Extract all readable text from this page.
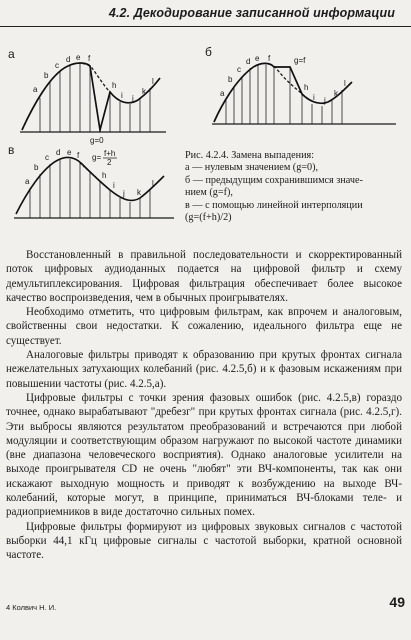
4.2. Декодирование записанной информации
а
a
b
c
d e f
h
i j
k
l
g=0
б
a
b
c
d e f
h
i j
k
l
g=f
в
a
b
c
d e f
h
i
j k
l
g= f+h
2
Рис. 4.2.4. Замена выпадения:
а — нулевым значением (g=0),
б — предыдущим сохранившимся значе-
нием (g=f),
в — с помощью линейной интерполяции
(g=(f+h)/2)

Восстановленный в правильной последовательности и скорректированный поток цифровых аудиоданных подается на цифровой фильтр и схему демультиплексирования. Цифровая фильтрация обеспечивает более высокое качество воспроизведения, чем в обычных проигрывателях.

Необходимо отметить, что цифровым фильтрам, как впрочем и аналоговым, свойственны свои недостатки. К сожалению, идеального фильтра еще не существует.

Аналоговые фильтры приводят к образованию при крутых фронтах сигнала нежелательных затухающих колебаний (рис. 4.2.5,б) и к фазовым искажениям при повышении частоты (рис. 4.2.5,а).

Цифровые фильтры с точки зрения фазовых ошибок (рис. 4.2.5,в) гораздо точнее, однако вырабатывают "дребезг" при крутых фронтах сигнала (рис. 4.2.5,г). Эти выбросы являются результатом преобразований и встречаются при любой модуляции и соответствующим образом нагружают по высокой частоте динамики (вне диапазона человеческого восприятия). Однако аналоговые усилители на выходе проигрывателя CD не очень "любят" эти ВЧ-компоненты, так как они искажают выходную мощность и приводят к возбуждению на выходе ВЧ-колебаний, которые могут, в принципе, приниматься ВЧ-блоками теле- и радиоприемников в виде достаточно сильных помех.

Цифровые фильтры формируют из цифровых звуковых сигналов с частотой выборки 44,1 кГц цифровые сигналы с частотой выборки, кратной основной частоте.

4 Колвич Н. И.	49
